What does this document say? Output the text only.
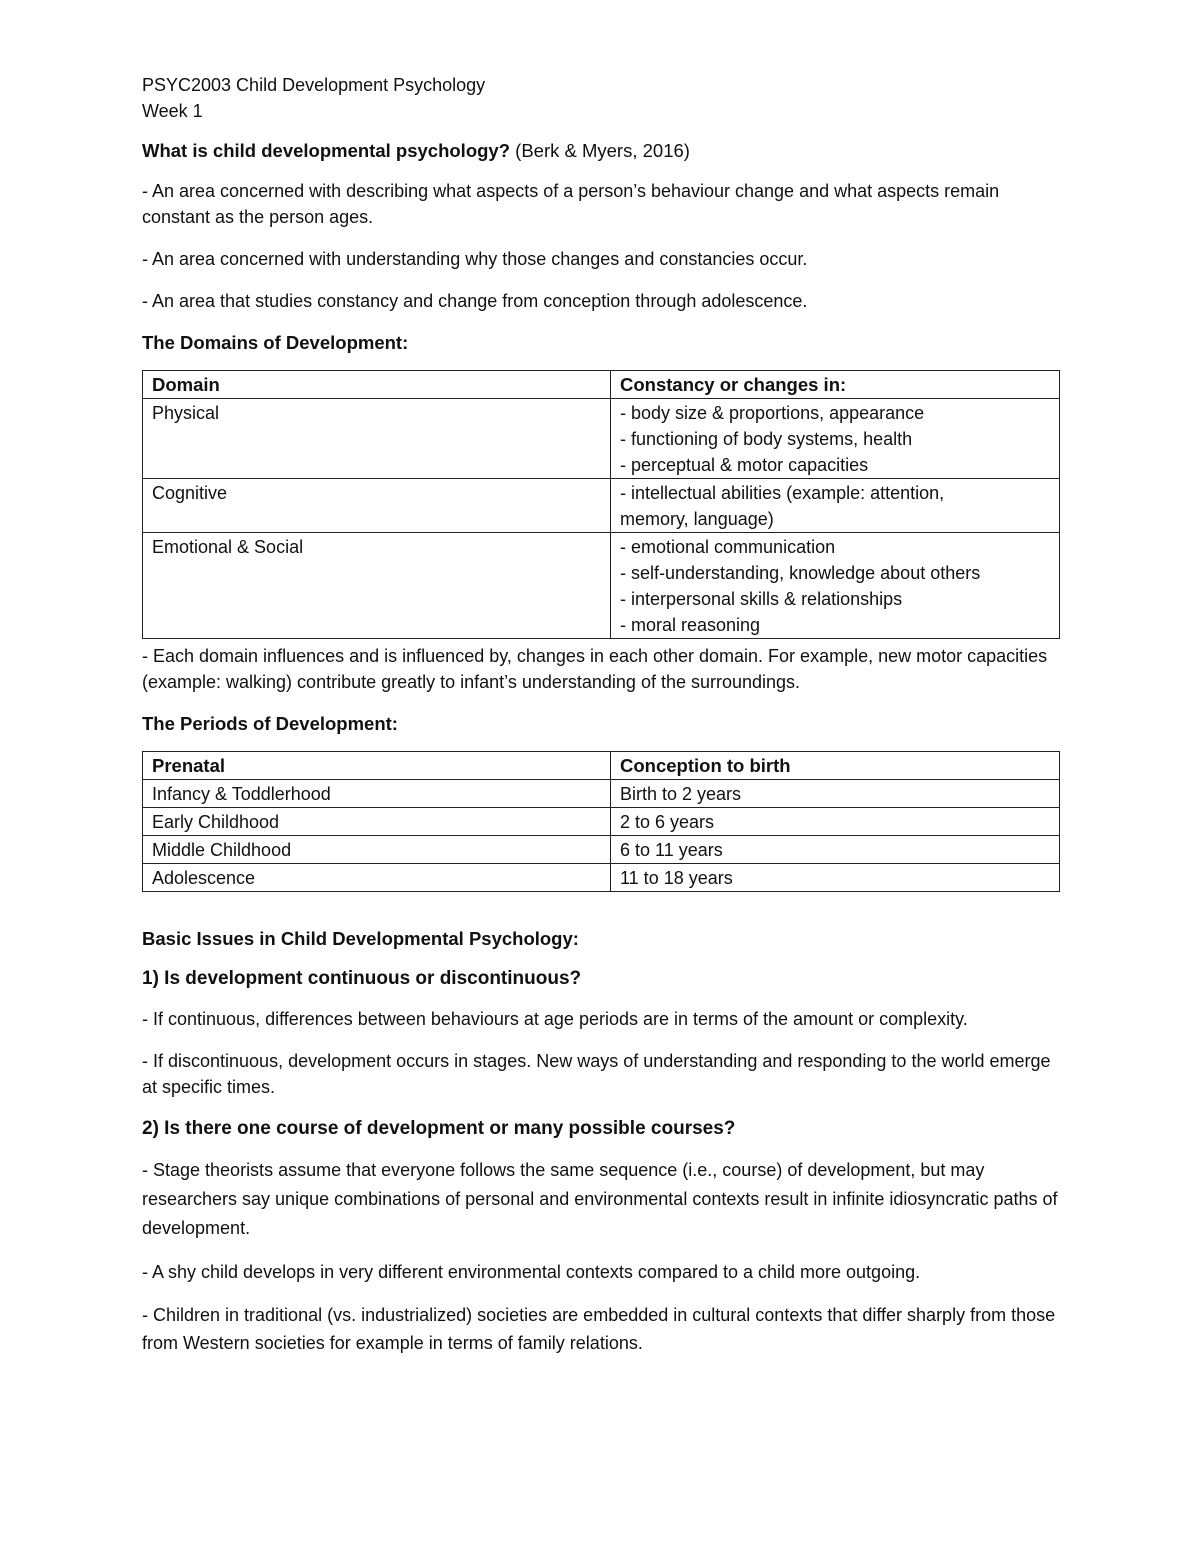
PSYC2003 Child Development Psychology
Week 1
What is child developmental psychology? (Berk & Myers, 2016)

- An area concerned with describing what aspects of a person’s behaviour change and what aspects remain constant as the person ages.

- An area concerned with understanding why those changes and constancies occur.

- An area that studies constancy and change from conception through adolescence.

The Domains of Development:
Domain	Constancy or changes in:
Physical	- body size & proportions, appearance
- functioning of body systems, health
- perceptual & motor capacities

Cognitive	- intellectual abilities (example: attention, memory, language)

Emotional & Social	- emotional communication
- self-understanding, knowledge about others
- interpersonal skills & relationships
- moral reasoning

- Each domain influences and is influenced by, changes in each other domain. For example, new motor capacities (example: walking) contribute greatly to infant’s understanding of the surroundings.

The Periods of Development:
Prenatal	Conception to birth
Infancy & Toddlerhood	Birth to 2 years
Early Childhood	2 to 6 years
Middle Childhood	6 to 11 years
Adolescence	11 to 18 years
Basic Issues in Child Developmental Psychology:
1) Is development continuous or discontinuous?

- If continuous, differences between behaviours at age periods are in terms of the amount or complexity.

- If discontinuous, development occurs in stages. New ways of understanding and responding to the world emerge at specific times.

2) Is there one course of development or many possible courses?

- Stage theorists assume that everyone follows the same sequence (i.e., course) of development, but may researchers say unique combinations of personal and environmental contexts result in infinite idiosyncratic paths of development.

- A shy child develops in very different environmental contexts compared to a child more outgoing.

- Children in traditional (vs. industrialized) societies are embedded in cultural contexts that differ sharply from those from Western societies for example in terms of family relations.
